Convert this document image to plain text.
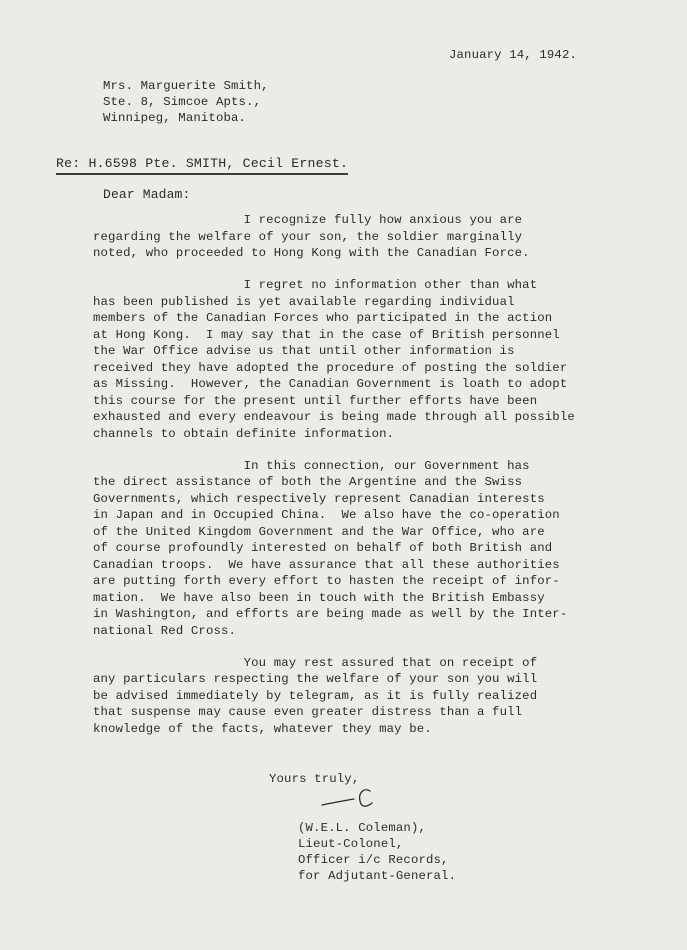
January 14, 1942.

Mrs. Marguerite Smith,

Ste. 8, Simcoe Apts.,

Winnipeg, Manitoba.

Re: H.6598 Pte. SMITH, Cecil Ernest.

Dear Madam:

I recognize fully how anxious you are

regarding the welfare of your son, the soldier marginally

noted, who proceeded to Hong Kong with the Canadian Force.

I regret no information other than what

has been published is yet available regarding individual

members of the Canadian Forces who participated in the action

at Hong Kong.  I may say that in the case of British personnel

the War Office advise us that until other information is

received they have adopted the procedure of posting the soldier

as Missing.  However, the Canadian Government is loath to adopt

this course for the present until further efforts have been

exhausted and every endeavour is being made through all possible

channels to obtain definite information.

In this connection, our Government has

the direct assistance of both the Argentine and the Swiss

Governments, which respectively represent Canadian interests

in Japan and in Occupied China.  We also have the co-operation

of the United Kingdom Government and the War Office, who are

of course profoundly interested on behalf of both British and

Canadian troops.  We have assurance that all these authorities

are putting forth every effort to hasten the receipt of infor-

mation.  We have also been in touch with the British Embassy

in Washington, and efforts are being made as well by the Inter-

national Red Cross.

You may rest assured that on receipt of

any particulars respecting the welfare of your son you will

be advised immediately by telegram, as it is fully realized

that suspense may cause even greater distress than a full

knowledge of the facts, whatever they may be.

Yours truly,

(W.E.L. Coleman),

Lieut-Colonel,

Officer i/c Records,

for Adjutant-General.
